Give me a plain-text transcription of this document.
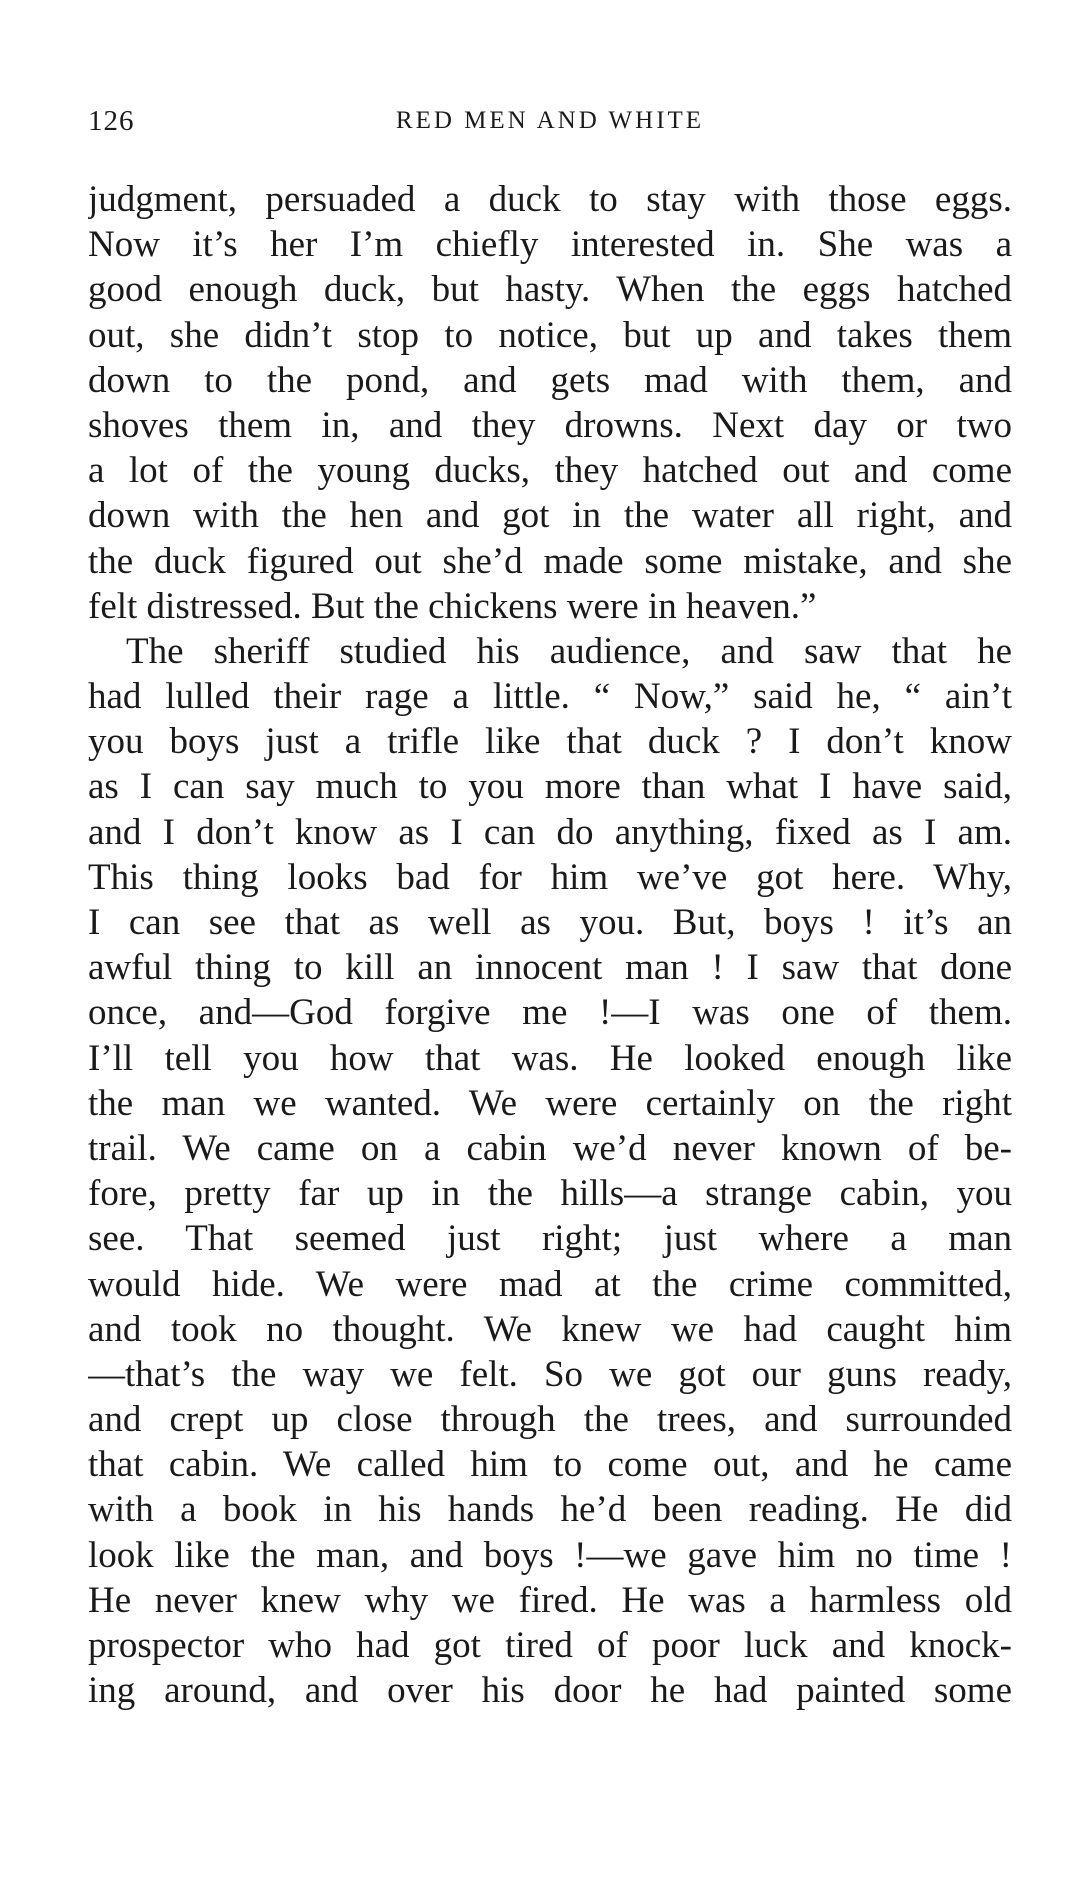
126	RED MEN AND WHITE
judgment, persuaded a duck to stay with those eggs.
Now it’s her I’m chiefly interested in. She was a
good enough duck, but hasty. When the eggs hatched
out, she didn’t stop to notice, but up and takes them
down to the pond, and gets mad with them, and
shoves them in, and they drowns. Next day or two
a lot of the young ducks, they hatched out and come
down with the hen and got in the water all right, and
the duck figured out she’d made some mistake, and she
felt distressed. But the chickens were in heaven.”
The sheriff studied his audience, and saw that he
had lulled their rage a little. “ Now,” said he, “ ain’t
you boys just a trifle like that duck ? I don’t know
as I can say much to you more than what I have said,
and I don’t know as I can do anything, fixed as I am.
This thing looks bad for him we’ve got here. Why,
I can see that as well as you. But, boys ! it’s an
awful thing to kill an innocent man ! I saw that done
once, and—God forgive me !—I was one of them.
I’ll tell you how that was. He looked enough like
the man we wanted. We were certainly on the right
trail. We came on a cabin we’d never known of be-
fore, pretty far up in the hills—a strange cabin, you
see. That seemed just right; just where a man
would hide. We were mad at the crime committed,
and took no thought. We knew we had caught him
—that’s the way we felt. So we got our guns ready,
and crept up close through the trees, and surrounded
that cabin. We called him to come out, and he came
with a book in his hands he’d been reading. He did
look like the man, and boys !—we gave him no time !
He never knew why we fired. He was a harmless old
prospector who had got tired of poor luck and knock-
ing around, and over his door he had painted some
